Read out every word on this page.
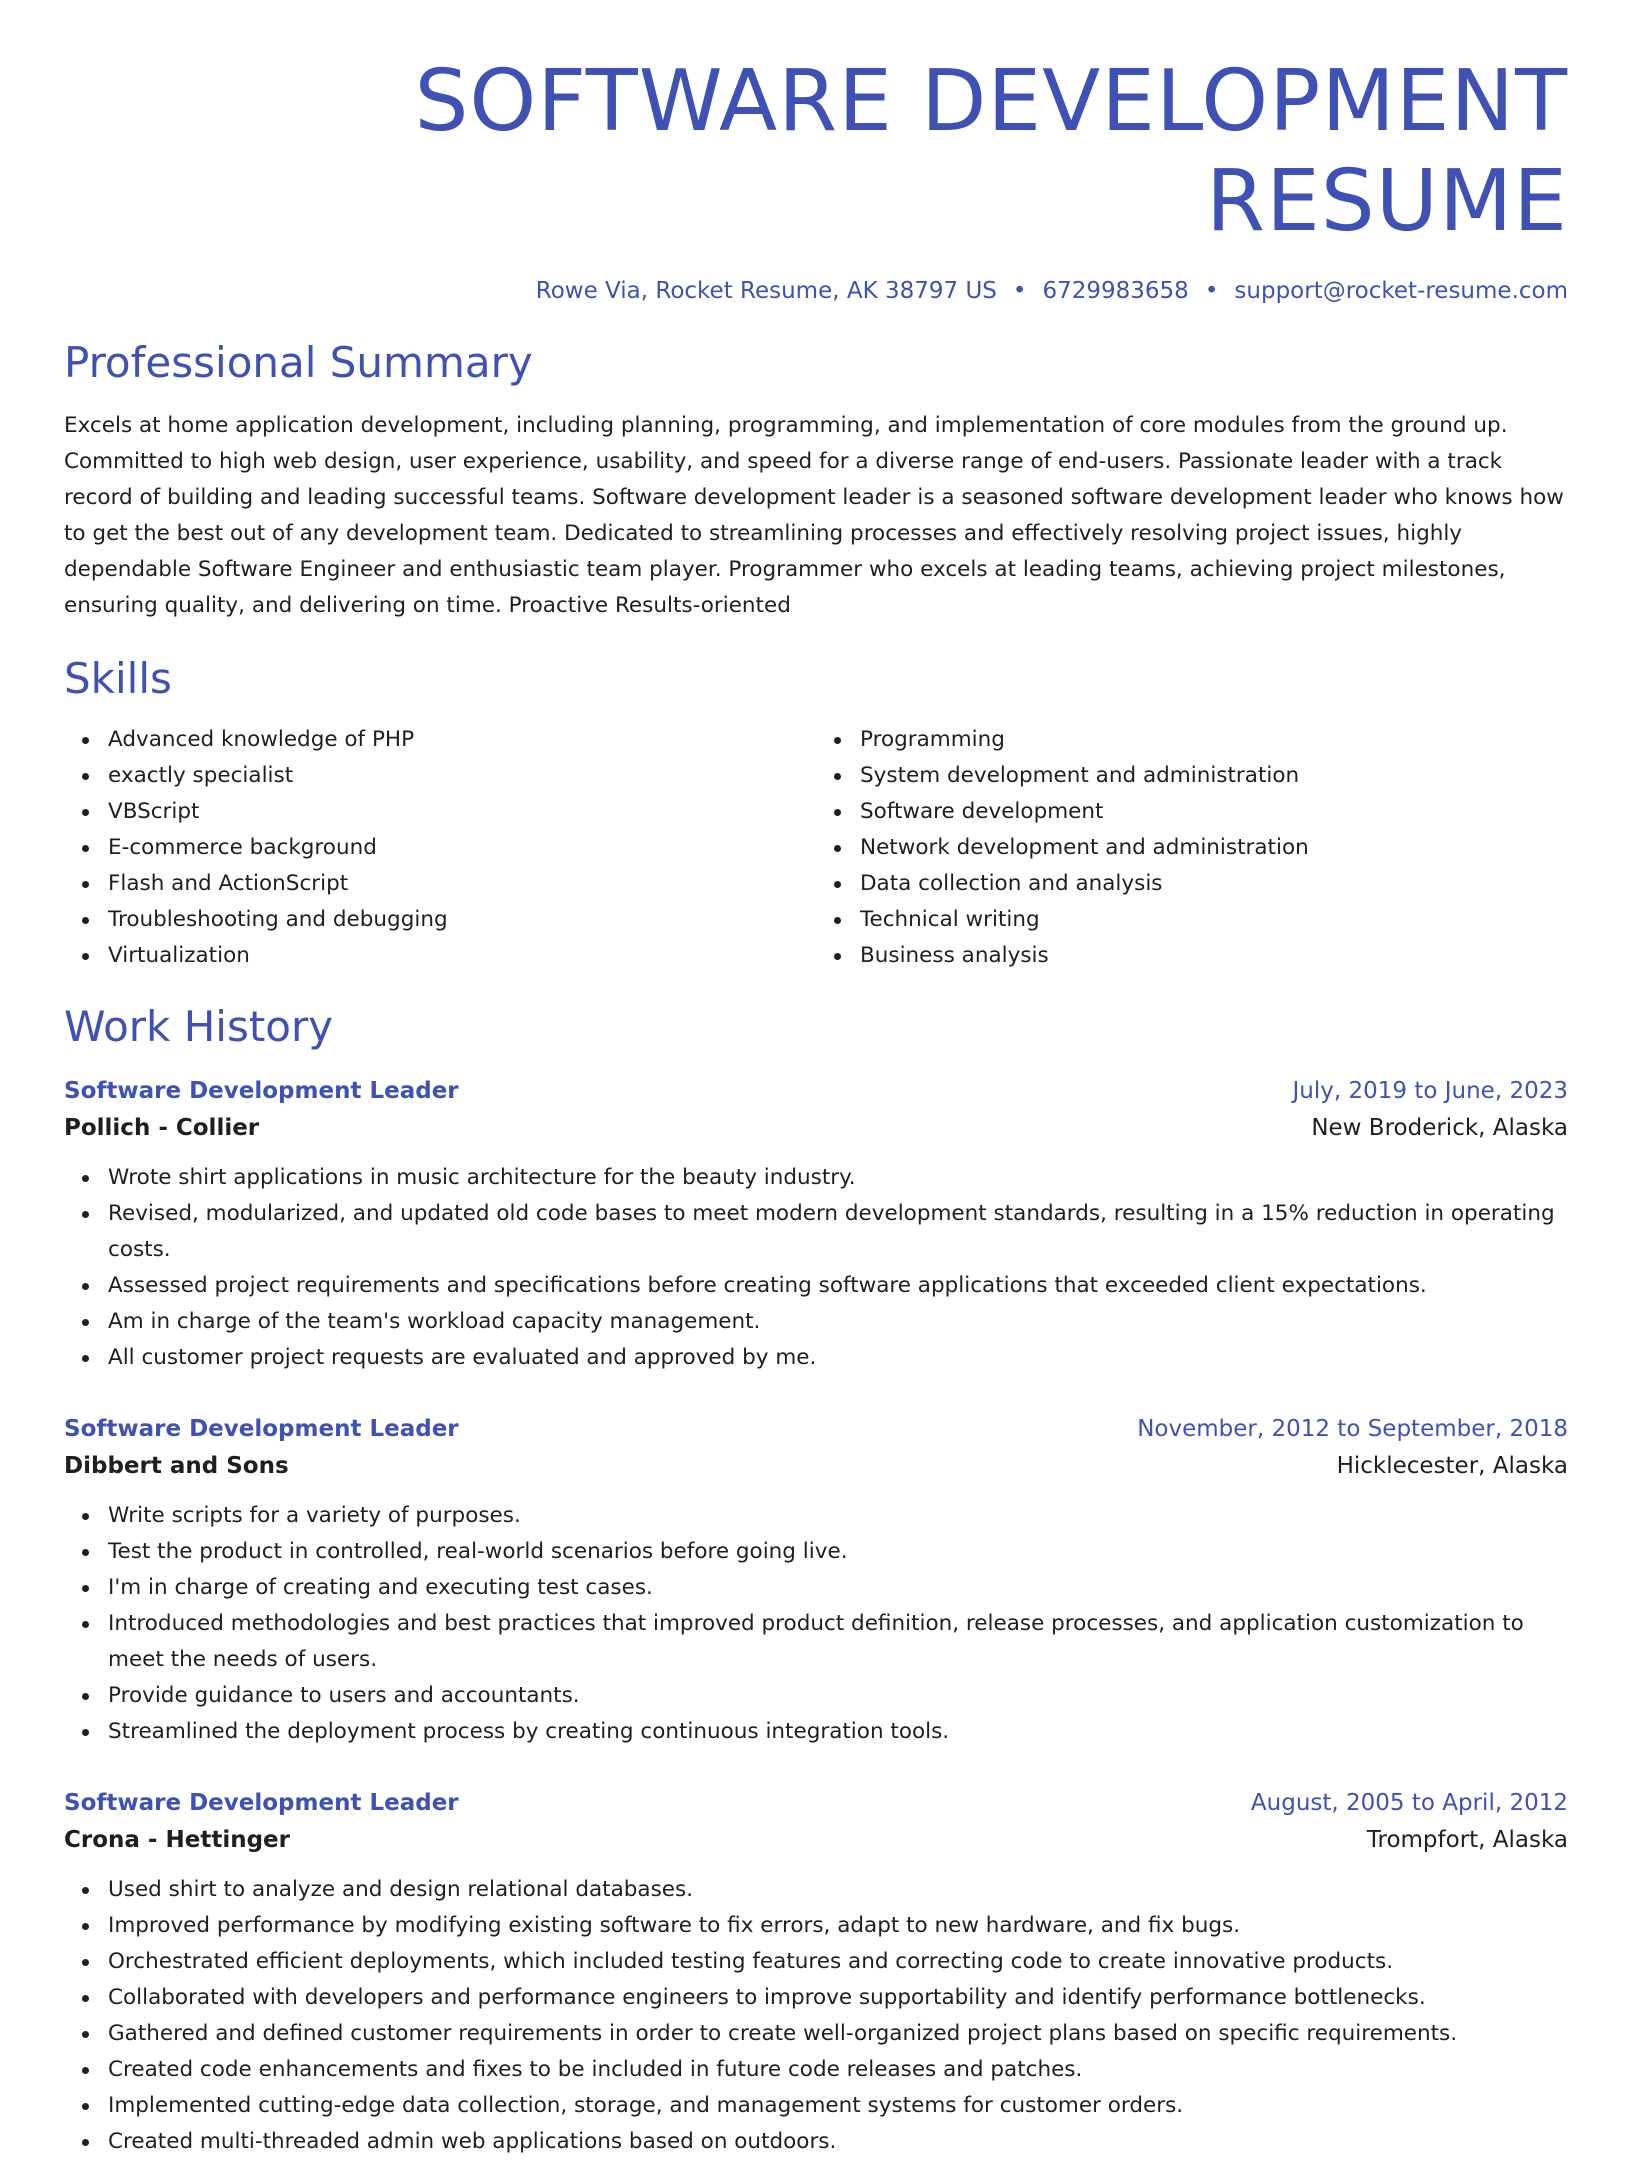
SOFTWARE DEVELOPMENT RESUME
Rowe Via, Rocket Resume, AK 38797 US • 6729983658 • support@rocket-resume.com
Professional Summary
Excels at home application development, including planning, programming, and implementation of core modules from the ground up. Committed to high web design, user experience, usability, and speed for a diverse range of end-users. Passionate leader with a track record of building and leading successful teams. Software development leader is a seasoned software development leader who knows how to get the best out of any development team. Dedicated to streamlining processes and effectively resolving project issues, highly dependable Software Engineer and enthusiastic team player. Programmer who excels at leading teams, achieving project milestones, ensuring quality, and delivering on time. Proactive Results-oriented
Skills
Advanced knowledge of PHP
exactly specialist
VBScript
E-commerce background
Flash and ActionScript
Troubleshooting and debugging
Virtualization
Programming
System development and administration
Software development
Network development and administration
Data collection and analysis
Technical writing
Business analysis
Work History
Software Development Leader	July, 2019 to June, 2023
Pollich - Collier	New Broderick, Alaska
Wrote shirt applications in music architecture for the beauty industry.
Revised, modularized, and updated old code bases to meet modern development standards, resulting in a 15% reduction in operating costs.
Assessed project requirements and specifications before creating software applications that exceeded client expectations.
Am in charge of the team's workload capacity management.
All customer project requests are evaluated and approved by me.
Software Development Leader	November, 2012 to September, 2018
Dibbert and Sons	Hicklecester, Alaska
Write scripts for a variety of purposes.
Test the product in controlled, real-world scenarios before going live.
I'm in charge of creating and executing test cases.
Introduced methodologies and best practices that improved product definition, release processes, and application customization to meet the needs of users.
Provide guidance to users and accountants.
Streamlined the deployment process by creating continuous integration tools.
Software Development Leader	August, 2005 to April, 2012
Crona - Hettinger	Trompfort, Alaska
Used shirt to analyze and design relational databases.
Improved performance by modifying existing software to fix errors, adapt to new hardware, and fix bugs.
Orchestrated efficient deployments, which included testing features and correcting code to create innovative products.
Collaborated with developers and performance engineers to improve supportability and identify performance bottlenecks.
Gathered and defined customer requirements in order to create well-organized project plans based on specific requirements.
Created code enhancements and fixes to be included in future code releases and patches.
Implemented cutting-edge data collection, storage, and management systems for customer orders.
Created multi-threaded admin web applications based on outdoors.
